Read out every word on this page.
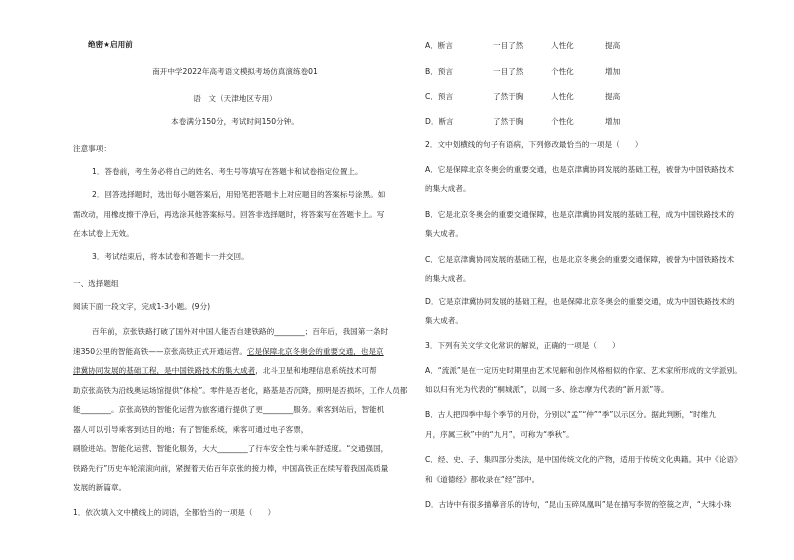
绝密★启用前
南开中学2022年高考语文模拟考场仿真演练卷01
语　文（天津地区专用）
本卷满分150分，考试时间150分钟。
注意事项：
1．答卷前，考生务必将自己的姓名、考生号等填写在答题卡和试卷指定位置上。
2．回答选择题时，选出每小题答案后，用铅笔把答题卡上对应题目的答案标号涂黑。如
需改动，用橡皮擦干净后，再选涂其他答案标号。回答非选择题时，将答案写在答题卡上。写
在本试卷上无效。
3．考试结束后，将本试卷和答题卡一并交回。
一、选择题组
阅读下面一段文字，完成1-3小题。(9分)
百年前，京张铁路打破了国外对中国人能否自建铁路的________；百年后，我国第一条时
速350公里的智能高铁——京张高铁正式开通运营。它是保障北京冬奥会的重要交通，也是京
津冀协同发展的基础工程，是中国铁路技术的集大成者，北斗卫星和地理信息系统技术可帮
助京张高铁为沿线奥运场馆提供“体检”。零件是否老化，路基是否沉降，照明是否损坏，工作人员都
能________。京张高铁的智能化运营为旅客通行提供了更________服务。乘客到站后，智能机
器人可以引导乘客到达目的地；有了智能系统，乘客可通过电子客票，
刷脸进站。智能化运营、智能化服务，大大________了行车安全性与乘车舒适度。“交通强国，
铁路先行”历史车轮滚滚向前，紧握着天佑百年京张的接力棒，中国高铁正在续写着我国高质量
发展的新篇章。
1．依次填入文中横线上的词语，全都恰当的一项是（　　）
A．断言	一目了然	人性化	提高
B．预言	一目了然	个性化	增加
C．预言	了然于胸	人性化	提高
D．断言	了然于胸	个性化	增加
2．文中划横线的句子有语病，下列修改最恰当的一项是（　　）
A．它是保障北京冬奥会的重要交通，也是京津冀协同发展的基础工程，被誉为中国铁路技术
的集大成者。
B．它是北京冬奥会的重要交通保障，也是京津冀协同发展的基础工程，成为中国铁路技术的
集大成者。
C．它是京津冀协同发展的基础工程，也是北京冬奥会的重要交通保障，被誉为中国铁路技术
的集大成者。
D．它是京津冀协同发展的基础工程，也是保障北京冬奥会的重要交通，成为中国铁路技术的
集大成者。
3．下列有关文学文化常识的解说，正确的一项是（　　）
A．“流派”是在一定历史时期里由艺术见解和创作风格相似的作家、艺术家所形成的文学派别。
如以归有光为代表的“桐城派”，以闻一多、徐志摩为代表的“新月派”等。
B．古人把四季中每个季节的月份，分别以“孟”“仲”“季”以示区分。据此判断，“时维九
月，序属三秋”中的“九月”，可称为“季秋”。
C．经、史、子、集四部分类法，是中国传统文化的产物，适用于传统文化典籍。其中《论语》
和《道德经》都收录在“经”部中。
D．古诗中有很多描摹音乐的诗句，“昆山玉碎凤凰叫”是在描写李贺的箜篌之声，“大珠小珠
